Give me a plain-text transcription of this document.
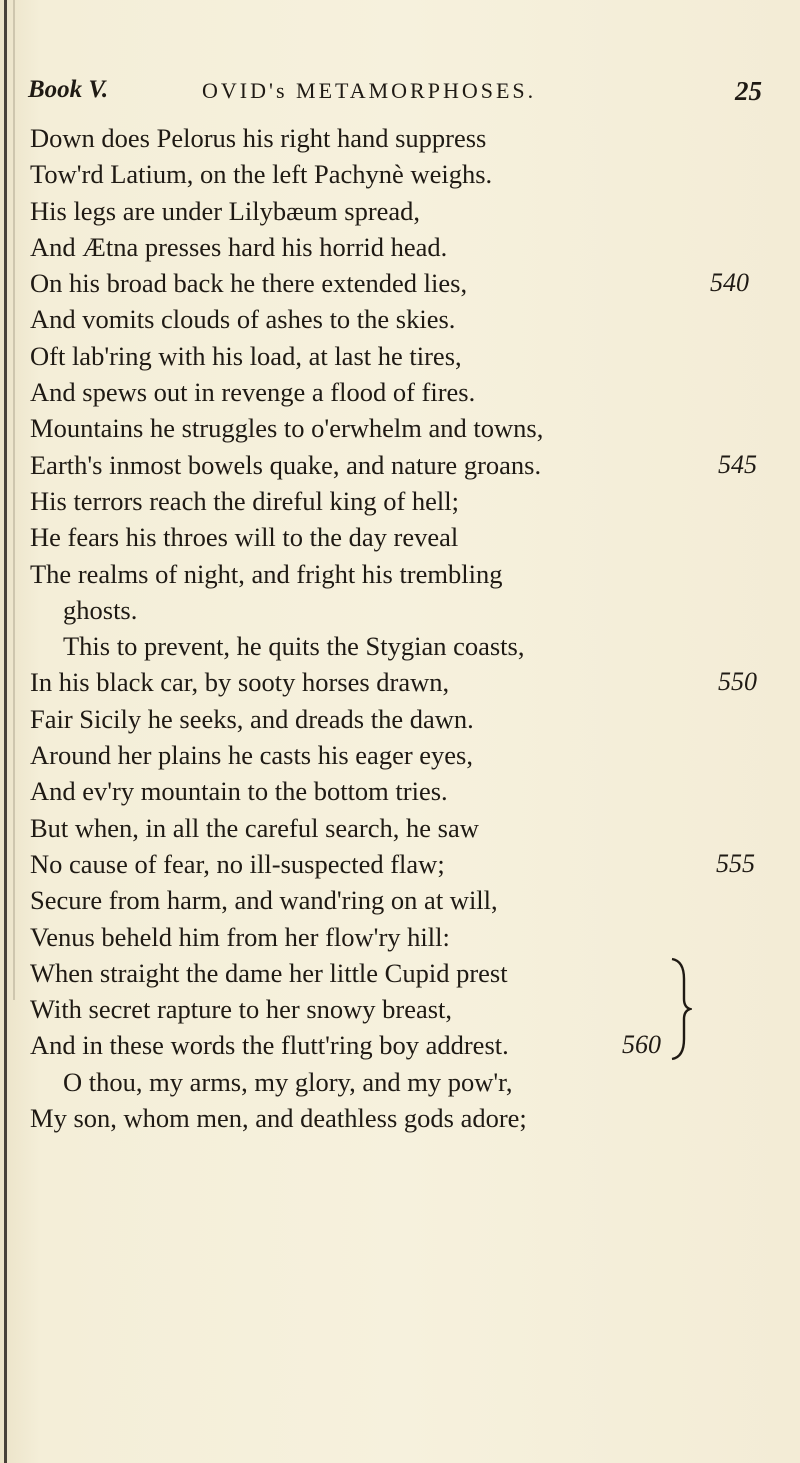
Book V.	OVID's METAMORPHOSES.	25
Down does Pelorus his right hand suppress
Tow'rd Latium, on the left Pachynè weighs.
His legs are under Lilybæum spread,
And Ætna presses hard his horrid head.
On his broad back he there extended lies,	540
And vomits clouds of ashes to the skies.
Oft lab'ring with his load, at last he tires,
And spews out in revenge a flood of fires.
Mountains he struggles to o'erwhelm and towns,
Earth's inmost bowels quake, and nature groans.	545
His terrors reach the direful king of hell;
He fears his throes will to the day reveal
The realms of night, and fright his trembling
ghosts.
This to prevent, he quits the Stygian coasts,
In his black car, by sooty horses drawn,	550
Fair Sicily he seeks, and dreads the dawn.
Around her plains he casts his eager eyes,
And ev'ry mountain to the bottom tries.
But when, in all the careful search, he saw
No cause of fear, no ill-suspected flaw;	555
Secure from harm, and wand'ring on at will,
Venus beheld him from her flow'ry hill:
When straight the dame her little Cupid prest
With secret rapture to her snowy breast,
And in these words the flutt'ring boy addrest.	560
O thou, my arms, my glory, and my pow'r,
My son, whom men, and deathless gods adore;
